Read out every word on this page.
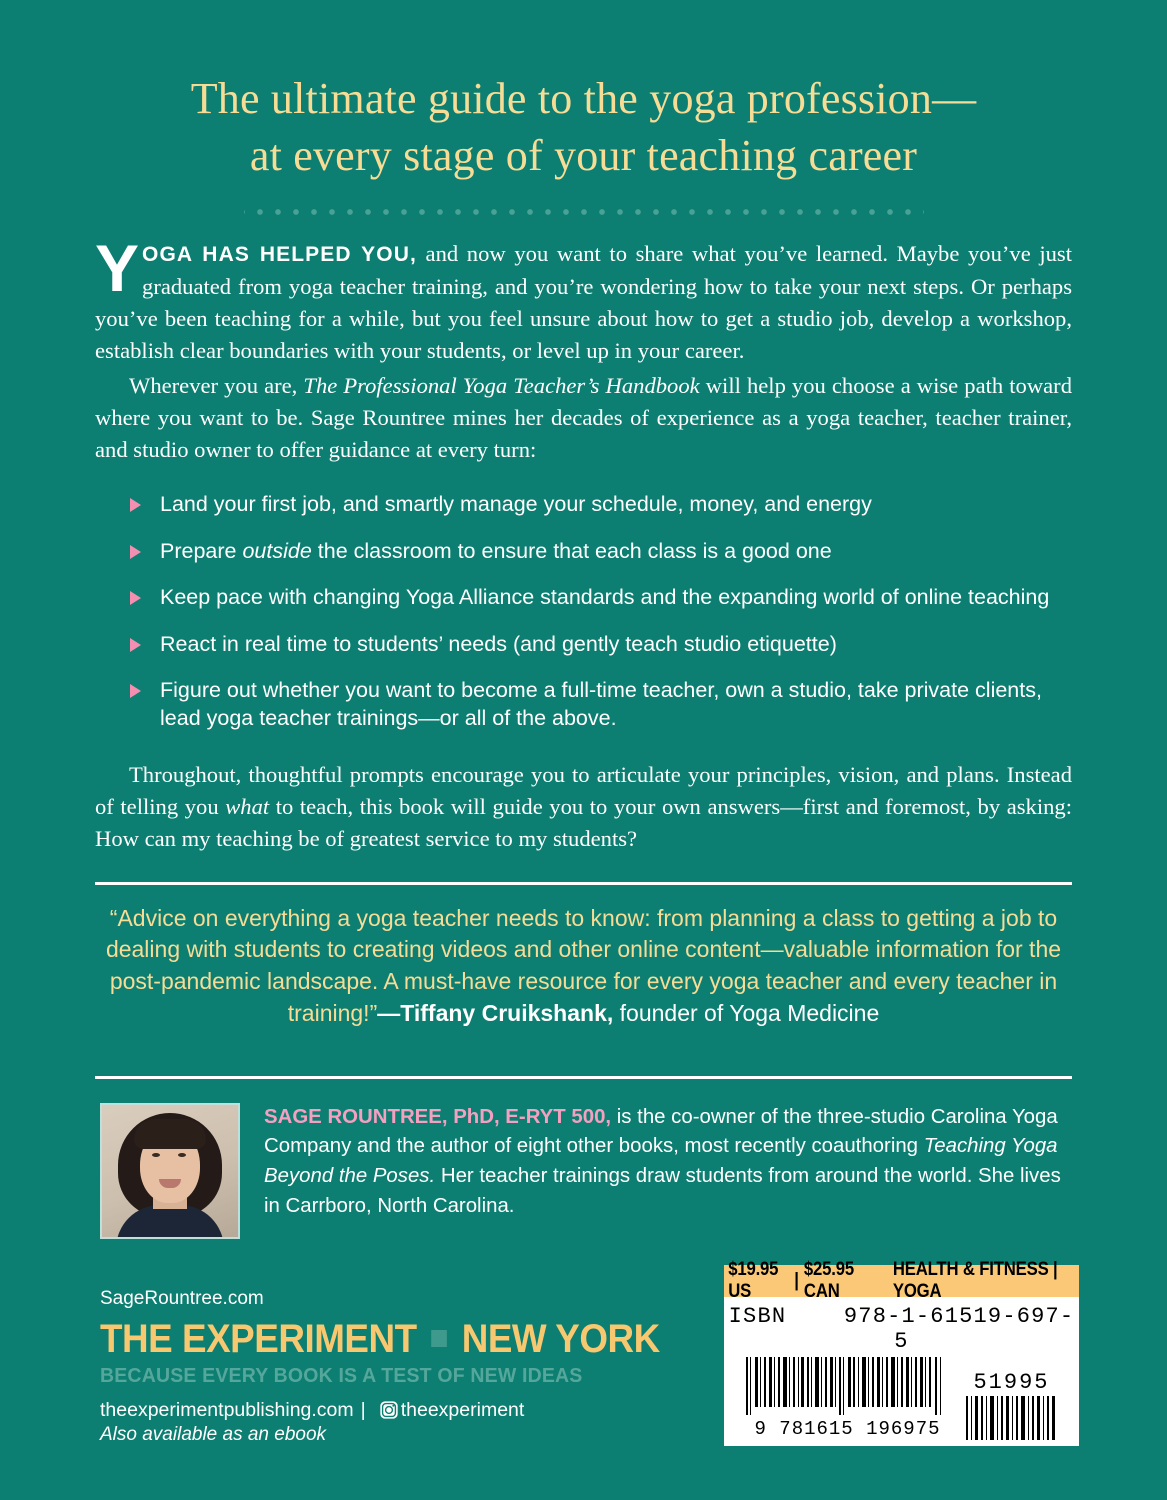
The ultimate guide to the yoga profession—
at every stage of your teaching career

YOGA HAS HELPED YOU, and now you want to share what you’ve learned. Maybe you’ve just graduated from yoga teacher training, and you’re wondering how to take your next steps. Or perhaps you’ve been teaching for a while, but you feel unsure about how to get a studio job, develop a workshop, establish clear boundaries with your students, or level up in your career.

Wherever you are, The Professional Yoga Teacher’s Handbook will help you choose a wise path toward where you want to be. Sage Rountree mines her decades of experience as a yoga teacher, teacher trainer, and studio owner to offer guidance at every turn:

Land your first job, and smartly manage your schedule, money, and energy
Prepare outside the classroom to ensure that each class is a good one
Keep pace with changing Yoga Alliance standards and the expanding world of online teaching
React in real time to students’ needs (and gently teach studio etiquette)
Figure out whether you want to become a full-time teacher, own a studio, take private clients, lead yoga teacher trainings—or all of the above.

Throughout, thoughtful prompts encourage you to articulate your principles, vision, and plans. Instead of telling you what to teach, this book will guide you to your own answers—first and foremost, by asking: How can my teaching be of greatest service to my students?

“Advice on everything a yoga teacher needs to know: from planning a class to getting a job to dealing with students to creating videos and other online content—valuable information for the post-pandemic landscape. A must-have resource for every yoga teacher and every teacher in training!”—Tiffany Cruikshank, founder of Yoga Medicine
SAGE ROUNTREE, PhD, E-RYT 500, is the co-owner of the three-studio Carolina Yoga Company and the author of eight other books, most recently coauthoring Teaching Yoga Beyond the Poses. Her teacher trainings draw students from around the world. She lives in Carrboro, North Carolina.
SageRountree.com
THE EXPERIMENT NEW YORK
BECAUSE EVERY BOOK IS A TEST OF NEW IDEAS
theexperimentpublishing.com | theexperiment
Also available as an ebook
$19.95 US
|
$25.95 CAN
HEALTH & FITNESS | YOGA
ISBN	978-1-61519-697-5
9 781615 196975
51995
